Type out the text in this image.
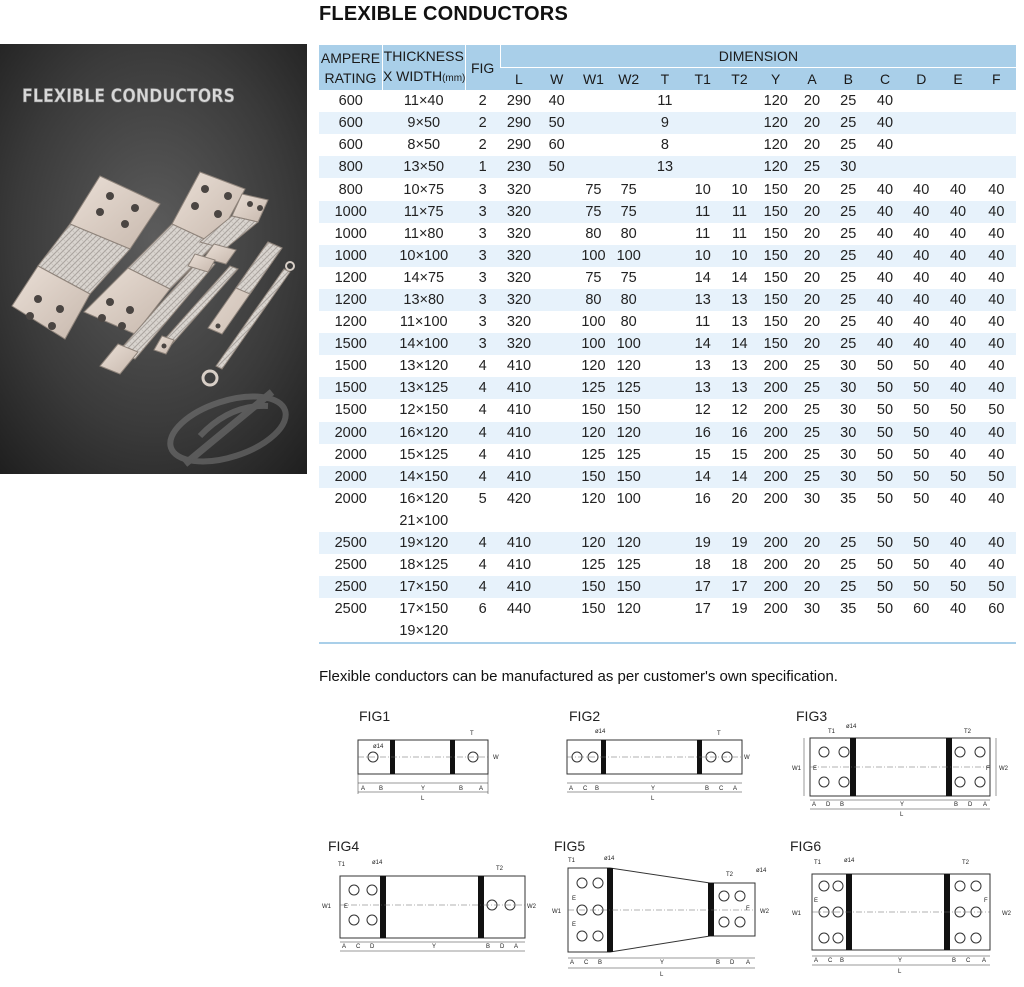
FLEXIBLE CONDUCTORS
FLEXIBLE CONDUCTORS
AMPERE
RATING	THICKNESS
X WIDTH(mm)	FIG	DIMENSION													
			L	W	W1	W2	T	T1	T2	Y	A	B	C	D	E	F
600	11×40	2	290	40			11			120	20	25	40			
600	9×50	2	290	50			9			120	20	25	40			
600	8×50	2	290	60			8			120	20	25	40			
800	13×50	1	230	50			13			120	25	30				
800	10×75	3	320		75	75		10	10	150	20	25	40	40	40	40
1000	11×75	3	320		75	75		11	11	150	20	25	40	40	40	40
1000	11×80	3	320		80	80		11	11	150	20	25	40	40	40	40
1000	10×100	3	320		100	100		10	10	150	20	25	40	40	40	40
1200	14×75	3	320		75	75		14	14	150	20	25	40	40	40	40
1200	13×80	3	320		80	80		13	13	150	20	25	40	40	40	40
1200	11×100	3	320		100	80		11	13	150	20	25	40	40	40	40
1500	14×100	3	320		100	100		14	14	150	20	25	40	40	40	40
1500	13×120	4	410		120	120		13	13	200	25	30	50	50	40	40
1500	13×125	4	410		125	125		13	13	200	25	30	50	50	40	40
1500	12×150	4	410		150	150		12	12	200	25	30	50	50	50	50
2000	16×120	4	410		120	120		16	16	200	25	30	50	50	40	40
2000	15×125	4	410		125	125		15	15	200	25	30	50	50	40	40
2000	14×150	4	410		150	150		14	14	200	25	30	50	50	50	50
2000	16×120	5	420		120	100		16	20	200	30	35	50	50	40	40
	21×100															
2500	19×120	4	410		120	120		19	19	200	20	25	50	50	40	40
2500	18×125	4	410		125	125		18	18	200	20	25	50	50	40	40
2500	17×150	4	410		150	150		17	17	200	20	25	50	50	50	50
2500	17×150	6	440		150	120		17	19	200	30	35	50	60	40	60
	19×120															
Flexible conductors can be manufactured as per customer's own specification.
FIG1
ø14
T
A B	Y	B	A
L
W
FIG2
ø14	T
A C B	Y	B C A
L
W
FIG3
T1
ø14
T2
A D B	Y	B D A
L
W1	W2
E	F
FIG4
T1	ø14
T2
A C D	Y	B D A
W1	W2
E
FIG5
T1	ø14
T2
ø14
A C B	Y	B D A
L
W1	W2
E
E
F
FIG6
T1	ø14	T2
A C B	Y	B C A
L
W1	W2
E	F
